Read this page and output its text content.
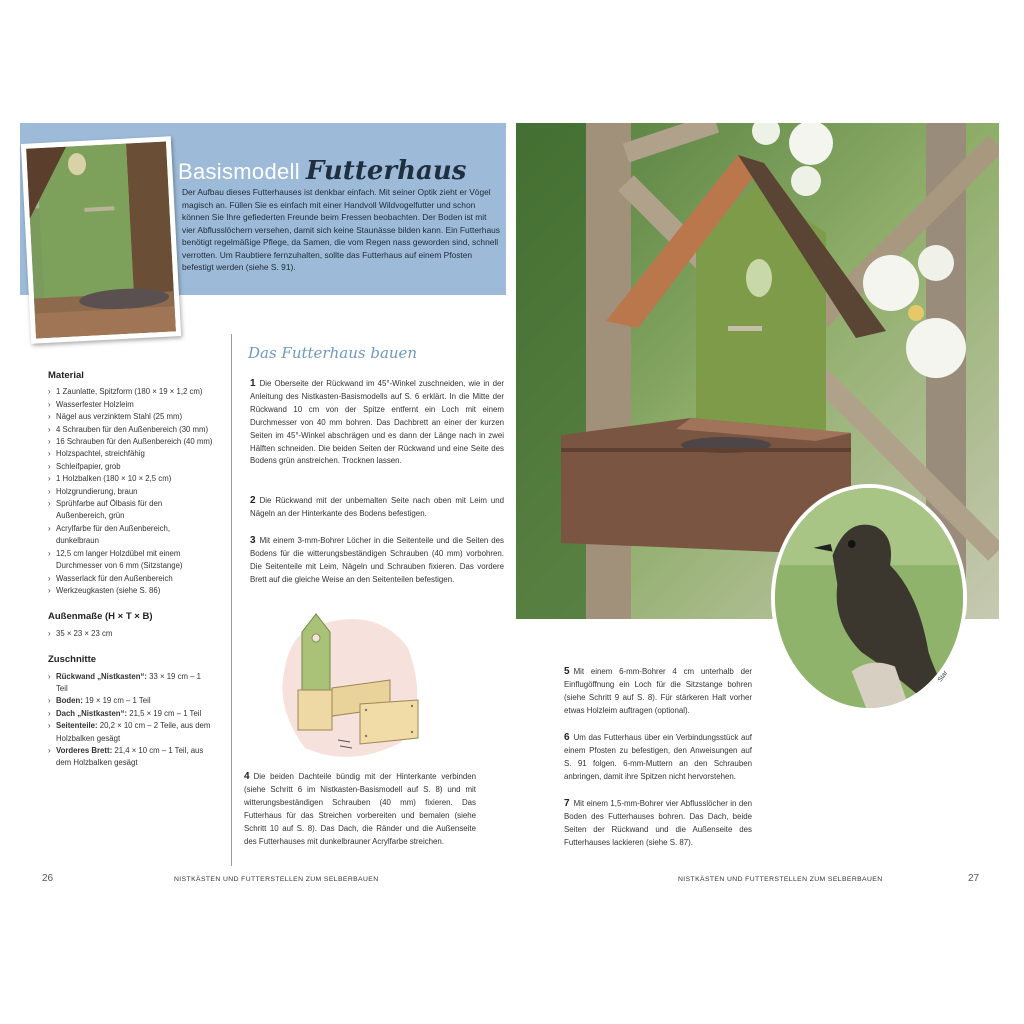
Basismodell Futterhaus
Der Aufbau dieses Futterhauses ist denkbar einfach. Mit seiner Optik zieht er Vögel magisch an. Füllen Sie es einfach mit einer Handvoll Wildvogelfutter und schon können Sie Ihre gefiederten Freunde beim Fressen beobachten. Der Boden ist mit vier Abflusslöchern versehen, damit sich keine Staunässe bilden kann. Ein Futterhaus benötigt regelmäßige Pflege, da Samen, die vom Regen nass geworden sind, schnell verrotten. Um Raubtiere fernzuhalten, sollte das Futterhaus auf einem Pfosten befestigt werden (siehe S. 91).
Material
› 1 Zaunlatte, Spitzform (180 × 19 × 1,2 cm)
› Wasserfester Holzleim
› Nägel aus verzinktem Stahl (25 mm)
› 4 Schrauben für den Außenbereich (30 mm)
› 16 Schrauben für den Außenbereich (40 mm)
› Holzspachtel, streichfähig
› Schleifpapier, grob
› 1 Holzbalken (180 × 10 × 2,5 cm)
› Holzgrundierung, braun
› Sprühfarbe auf Ölbasis für den Außenbereich, grün
› Acrylfarbe für den Außenbereich, dunkelbraun
› 12,5 cm langer Holzdübel mit einem Durchmesser von 6 mm (Sitzstange)
› Wasserlack für den Außenbereich
› Werkzeugkasten (siehe S. 86)
Außenmaße (H × T × B)
› 35 × 23 × 23 cm
Zuschnitte
› Rückwand „Nistkasten“: 33 × 19 cm – 1 Teil
› Boden: 19 × 19 cm – 1 Teil
› Dach „Nistkasten“: 21,5 × 19 cm – 1 Teil
› Seitenteile: 20,2 × 10 cm – 2 Teile, aus dem Holzbalken gesägt
› Vorderes Brett: 21,4 × 10 cm – 1 Teil, aus dem Holzbalken gesägt
Das Futterhaus bauen
1 Die Oberseite der Rückwand im 45°-Winkel zuschneiden, wie in der Anleitung des Nistkasten-Basismodells auf S. 6 erklärt. In die Mitte der Rückwand 10 cm von der Spitze entfernt ein Loch mit einem Durchmesser von 40 mm bohren. Das Dachbrett an einer der kurzen Seiten im 45°-Winkel abschrägen und es dann der Länge nach in zwei Hälften schneiden. Die beiden Seiten der Rückwand und eine Seite des Bodens grün anstreichen. Trocknen lassen.
2 Die Rückwand mit der unbemalten Seite nach oben mit Leim und Nägeln an der Hinterkante des Bodens befestigen.
3 Mit einem 3-mm-Bohrer Löcher in die Seitenteile und die Seiten des Bodens für die witterungsbeständigen Schrauben (40 mm) vorbohren. Die Seitenteile mit Leim, Nägeln und Schrauben fixieren. Das vordere Brett auf die gleiche Weise an den Seitenteilen befestigen.
4 Die beiden Dachteile bündig mit der Hinterkante verbinden (siehe Schritt 6 im Nistkasten-Basismodell auf S. 8) und mit witterungsbeständigen Schrauben (40 mm) fixieren. Das Futterhaus für das Streichen vorbereiten und bemalen (siehe Schritt 10 auf S. 8). Das Dach, die Ränder und die Außenseite des Futterhauses mit dunkelbrauner Acrylfarbe streichen.
Star
5 Mit einem 6-mm-Bohrer 4 cm unterhalb der Einflugöffnung ein Loch für die Sitzstange bohren (siehe Schritt 9 auf S. 8). Für stärkeren Halt vorher etwas Holzleim auftragen (optional).
6 Um das Futterhaus über ein Verbindungsstück auf einem Pfosten zu befestigen, den Anweisungen auf S. 91 folgen. 6-mm-Muttern an den Schrauben anbringen, damit ihre Spitzen nicht hervorstehen.
7 Mit einem 1,5-mm-Bohrer vier Abflusslöcher in den Boden des Futterhauses bohren. Das Dach, beide Seiten der Rückwand und die Außenseite des Futterhauses lackieren (siehe S. 87).
26	NISTKÄSTEN UND FUTTERSTELLEN ZUM SELBERBAUEN	NISTKÄSTEN UND FUTTERSTELLEN ZUM SELBERBAUEN	27
